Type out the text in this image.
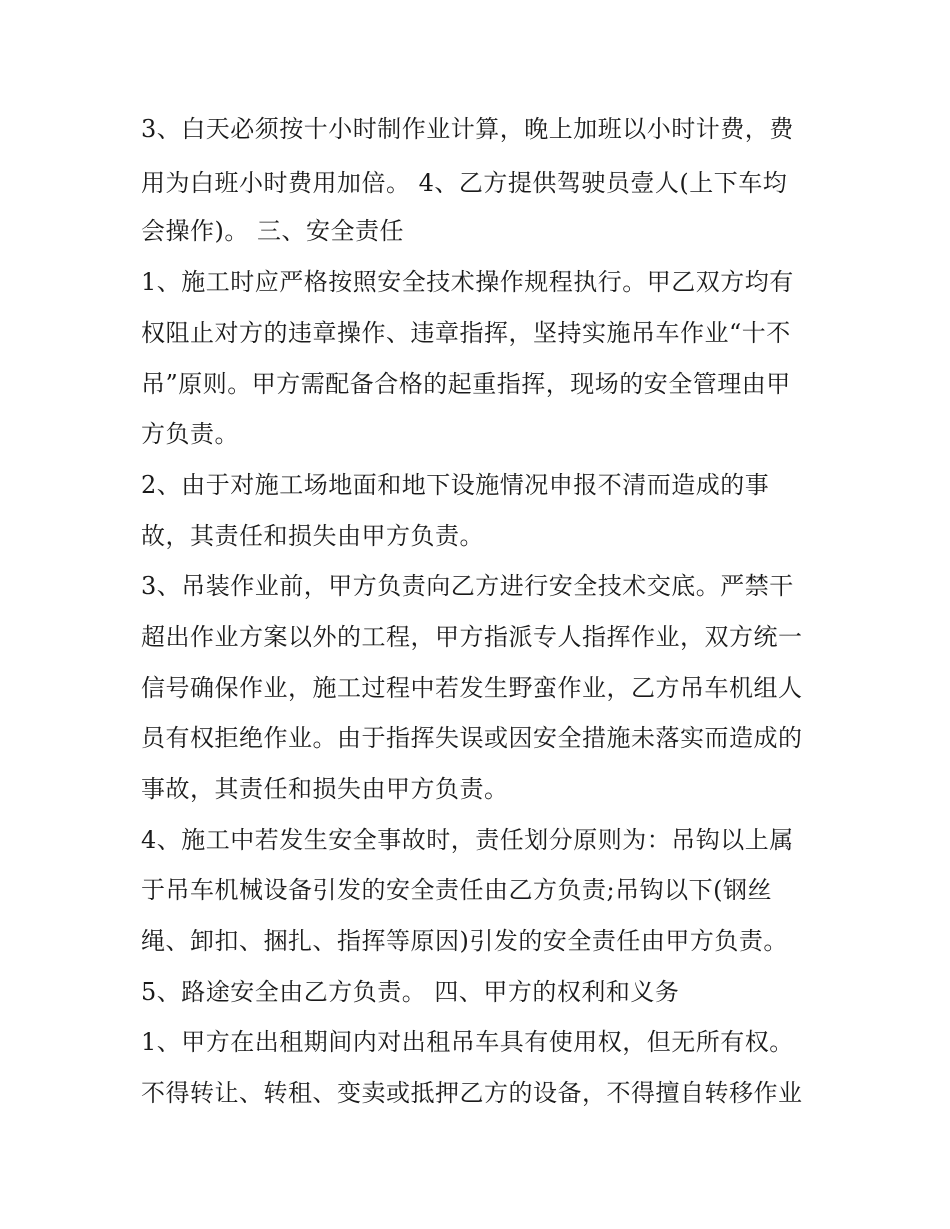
3、白天必须按十小时制作业计算，晚上加班以小时计费，费
用为白班小时费用加倍。 4、乙方提供驾驶员壹人(上下车均
会操作)。 三、安全责任
1、施工时应严格按照安全技术操作规程执行。甲乙双方均有
权阻止对方的违章操作、违章指挥，坚持实施吊车作业“十不
吊”原则。甲方需配备合格的起重指挥，现场的安全管理由甲
方负责。
2、由于对施工场地面和地下设施情况申报不清而造成的事
故，其责任和损失由甲方负责。
3、吊装作业前，甲方负责向乙方进行安全技术交底。严禁干
超出作业方案以外的工程，甲方指派专人指挥作业，双方统一
信号确保作业，施工过程中若发生野蛮作业，乙方吊车机组人
员有权拒绝作业。由于指挥失误或因安全措施未落实而造成的
事故，其责任和损失由甲方负责。
4、施工中若发生安全事故时，责任划分原则为：吊钩以上属
于吊车机械设备引发的安全责任由乙方负责;吊钩以下(钢丝
绳、卸扣、捆扎、指挥等原因)引发的安全责任由甲方负责。
5、路途安全由乙方负责。 四、甲方的权利和义务
1、甲方在出租期间内对出租吊车具有使用权，但无所有权。
不得转让、转租、变卖或抵押乙方的设备，不得擅自转移作业
